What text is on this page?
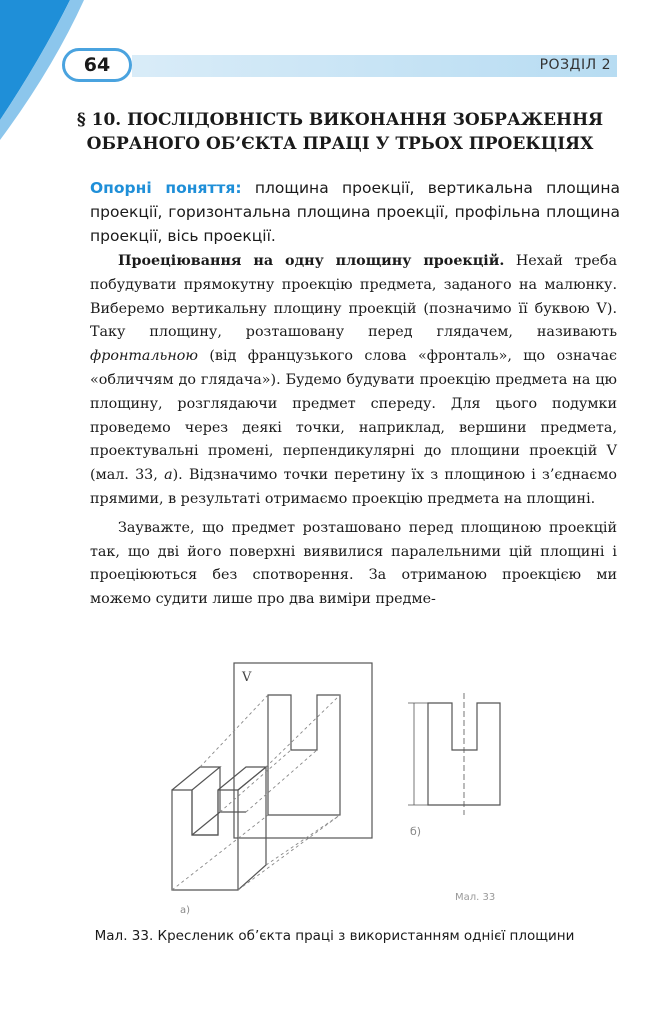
64	РОЗДІЛ 2
§ 10. ПОСЛІДОВНІСТЬ ВИКОНАННЯ ЗОБРАЖЕННЯ
ОБРАНОГО ОБ’ЄКТА ПРАЦІ У ТРЬОХ ПРОЕКЦІЯХ
Опорні поняття: площина проекції, вертикальна площина проекції, горизонтальна площина проекції, профільна площина проекції, вісь проекції.

Проеціювання на одну площину проекцій. Нехай треба побудувати прямокутну проекцію предмета, заданого на малюнку. Виберемо вертикальну площину проекцій (позначимо її буквою V). Таку площину, розташовану перед глядачем, називають фронтальною (від французького слова «фронталь», що означає «обличчям до глядача»). Будемо будувати проекцію предмета на цю площину, розглядаючи предмет спереду. Для цього подумки проведемо через деякі точки, наприклад, вершини предмета, проектувальні промені, перпендикулярні до площини проекцій V (мал. 33, а). Відзначимо точки перетину їх з площиною і з’єднаємо прямими, в результаті отримаємо проекцію предмета на площині.

Зауважте, що предмет розташовано перед площиною проекцій так, що дві його поверхні виявилися паралельними цій площині і проеціюються без спотворення. За отриманою проекцією ми можемо судити лише про два виміри предме-

V
а)
б)
Мал. 33
Мал. 33. Кресленик об’єкта праці з використанням однієї площини
